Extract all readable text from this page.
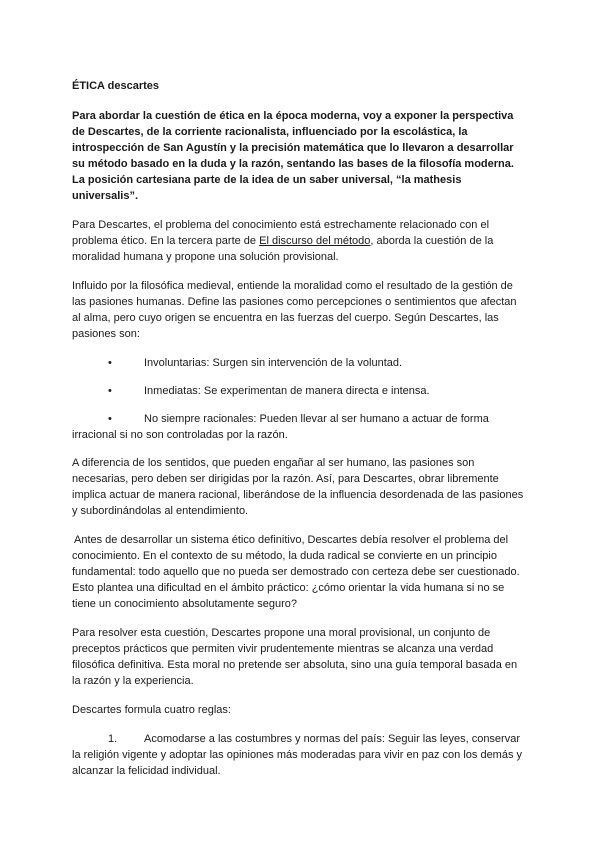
ÉTICA descartes

Para abordar la cuestión de ética en la época moderna, voy a exponer la perspectiva de Descartes, de la corriente racionalista, influenciado por la escolástica, la introspección de San Agustín y la precisión matemática que lo llevaron a desarrollar su método basado en la duda y la razón, sentando las bases de la filosofía moderna. La posición cartesiana parte de la idea de un saber universal, “la mathesis universalis”.

Para Descartes, el problema del conocimiento está estrechamente relacionado con el problema ético. En la tercera parte de El discurso del método, aborda la cuestión de la moralidad humana y propone una solución provisional.

Influido por la filosófica medieval, entiende la moralidad como el resultado de la gestión de las pasiones humanas. Define las pasiones como percepciones o sentimientos que afectan al alma, pero cuyo origen se encuentra en las fuerzas del cuerpo. Según Descartes, las pasiones son:

•	Involuntarias: Surgen sin intervención de la voluntad.
•	Inmediatas: Se experimentan de manera directa e intensa.
•	No siempre racionales: Pueden llevar al ser humano a actuar de forma irracional si no son controladas por la razón.

A diferencia de los sentidos, que pueden engañar al ser humano, las pasiones son necesarias, pero deben ser dirigidas por la razón. Así, para Descartes, obrar libremente implica actuar de manera racional, liberándose de la influencia desordenada de las pasiones y subordinándolas al entendimiento.

Antes de desarrollar un sistema ético definitivo, Descartes debía resolver el problema del conocimiento. En el contexto de su método, la duda radical se convierte en un principio fundamental: todo aquello que no pueda ser demostrado con certeza debe ser cuestionado. Esto plantea una dificultad en el ámbito práctico: ¿cómo orientar la vida humana si no se tiene un conocimiento absolutamente seguro?

Para resolver esta cuestión, Descartes propone una moral provisional, un conjunto de preceptos prácticos que permiten vivir prudentemente mientras se alcanza una verdad filosófica definitiva. Esta moral no pretende ser absoluta, sino una guía temporal basada en la razón y la experiencia.

Descartes formula cuatro reglas:

1. Acomodarse a las costumbres y normas del país: Seguir las leyes, conservar la religión vigente y adoptar las opiniones más moderadas para vivir en paz con los demás y alcanzar la felicidad individual.
